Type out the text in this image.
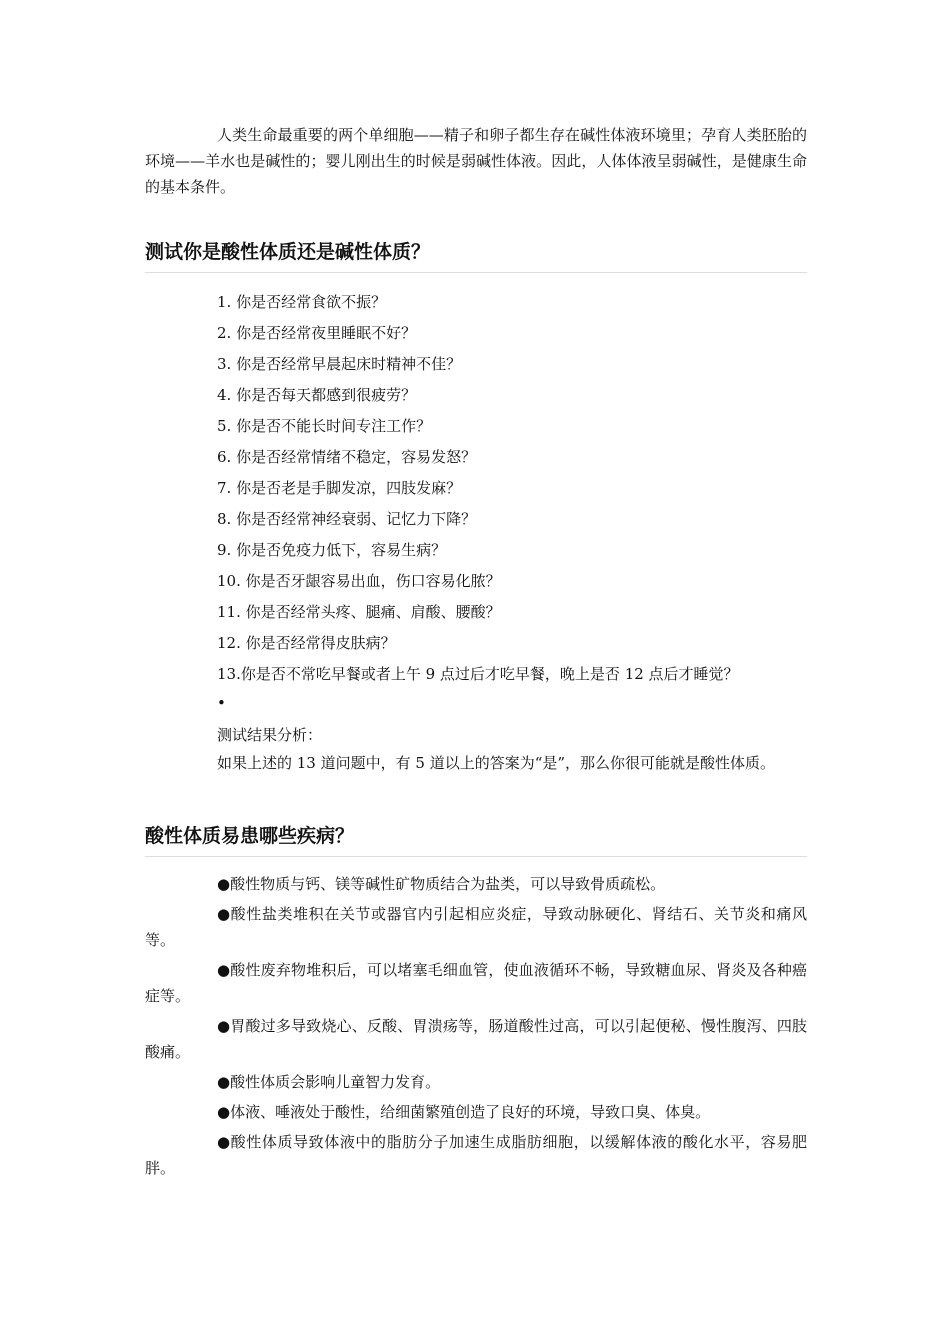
人类生命最重要的两个单细胞——精子和卵子都生存在碱性体液环境里；孕育人类胚胎的环境——羊水也是碱性的；婴儿刚出生的时候是弱碱性体液。因此，人体体液呈弱碱性，是健康生命的基本条件。

测试你是酸性体质还是碱性体质？
1. 你是否经常食欲不振？
2. 你是否经常夜里睡眠不好？
3. 你是否经常早晨起床时精神不佳？
4. 你是否每天都感到很疲劳？
5. 你是否不能长时间专注工作？
6. 你是否经常情绪不稳定，容易发怒？
7. 你是否老是手脚发凉，四肢发麻？
8. 你是否经常神经衰弱、记忆力下降？
9. 你是否免疫力低下，容易生病？
10. 你是否牙龈容易出血，伤口容易化脓？
11. 你是否经常头疼、腿痛、肩酸、腰酸？
12. 你是否经常得皮肤病？
13.你是否不常吃早餐或者上午 9 点过后才吃早餐，晚上是否 12 点后才睡觉？
•
测试结果分析：

如果上述的 13 道问题中，有 5 道以上的答案为“是”，那么你很可能就是酸性体质。

酸性体质易患哪些疾病？

●酸性物质与钙、镁等碱性矿物质结合为盐类，可以导致骨质疏松。

●酸性盐类堆积在关节或器官内引起相应炎症，导致动脉硬化、肾结石、关节炎和痛风等。

●酸性废弃物堆积后，可以堵塞毛细血管，使血液循环不畅，导致糖血尿、肾炎及各种癌症等。

●胃酸过多导致烧心、反酸、胃溃疡等，肠道酸性过高，可以引起便秘、慢性腹泻、四肢酸痛。

●酸性体质会影响儿童智力发育。

●体液、唾液处于酸性，给细菌繁殖创造了良好的环境，导致口臭、体臭。

●酸性体质导致体液中的脂肪分子加速生成脂肪细胞，以缓解体液的酸化水平，容易肥胖。
